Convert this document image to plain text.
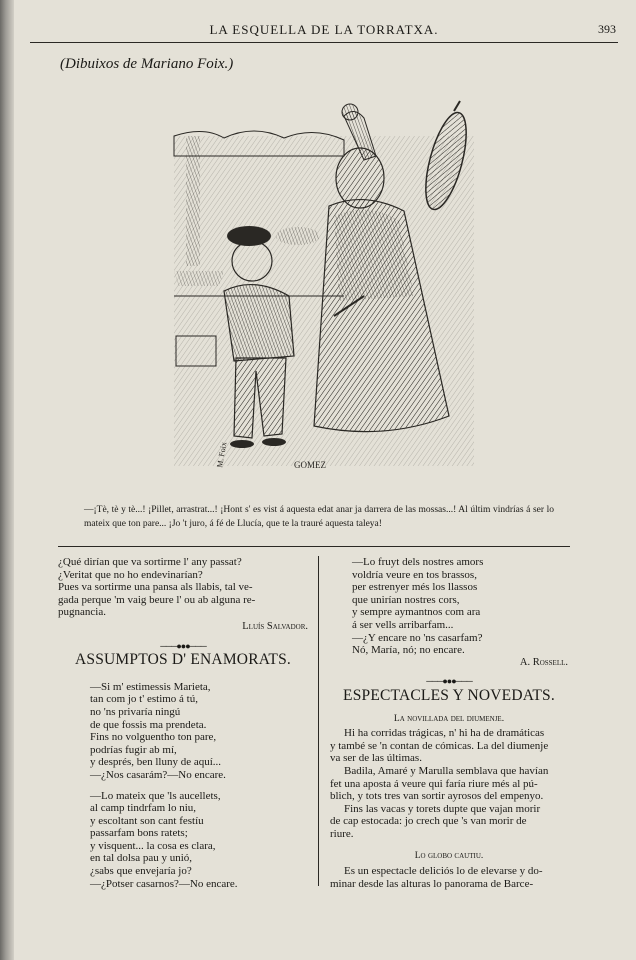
LA ESQUELLA DE LA TORRATXA.	393
(Dibuixos de Mariano Foix.)
M. Foix	GOMEZ
—¡Tè, tè y tè...! ¡Pillet, arrastrat...! ¡Hont s' es vist á aquesta edat anar ja darrera de las mossas...! Al últim vindrías á ser lo mateix que ton pare... ¡Jo 't juro, á fé de Llucía, que te la trauré aquesta taleya!

¿Qué dirían que va sortirme l' any passat?

¿Veritat que no ho endevinarían?

Pues va sortirme una pansa als llabis, tal ve-

gada perque 'm vaig beure l' ou ab alguna re-

pugnancia.

Lluís Salvador.

───●●●───
ASSUMPTOS D' ENAMORATS.

—Si m' estimessis Marieta,

tan com jo t' estimo á tú,

no 'ns privaría ningú

de que fossis ma prendeta.

Fins no volguentho ton pare,

podrías fugir ab mí,

y després, ben lluny de aquí...

—¿Nos casarám?—No encare.

—Lo mateix que 'ls aucellets,

al camp tindrfam lo niu,

y escoltant son cant festíu

passarfam bons ratets;

y visquent... la cosa es clara,

en tal dolsa pau y unió,

¿sabs que envejaría jo?

—¿Potser casarnos?—No encare.

—Lo fruyt dels nostres amors

voldría veure en tos brassos,

per estrenyer més los llassos

que unirían nostres cors,

y sempre aymantnos com ara

á ser vells arribarfam...

—¿Y encare no 'ns casarfam?

Nó, María, nó; no encare.

A. Rossell.

───●●●───
ESPECTACLES Y NOVEDATS.
La novillada del diumenje.

Hi ha corridas trágicas, n' hi ha de dramáticas

y també se 'n contan de cómicas. La del diumenje

va ser de las últimas.

Badila, Amaré y Marulla semblava que havían

fet una aposta á veure qui faría riure més al pú-

blich, y tots tres van sortir ayrosos del empenyo.

Fins las vacas y torets dupte que vajan morir

de cap estocada: jo crech que 's van morir de

riure.

Lo globo cautiu.

Es un espectacle deliciós lo de elevarse y do-

minar desde las alturas lo panorama de Barce-
